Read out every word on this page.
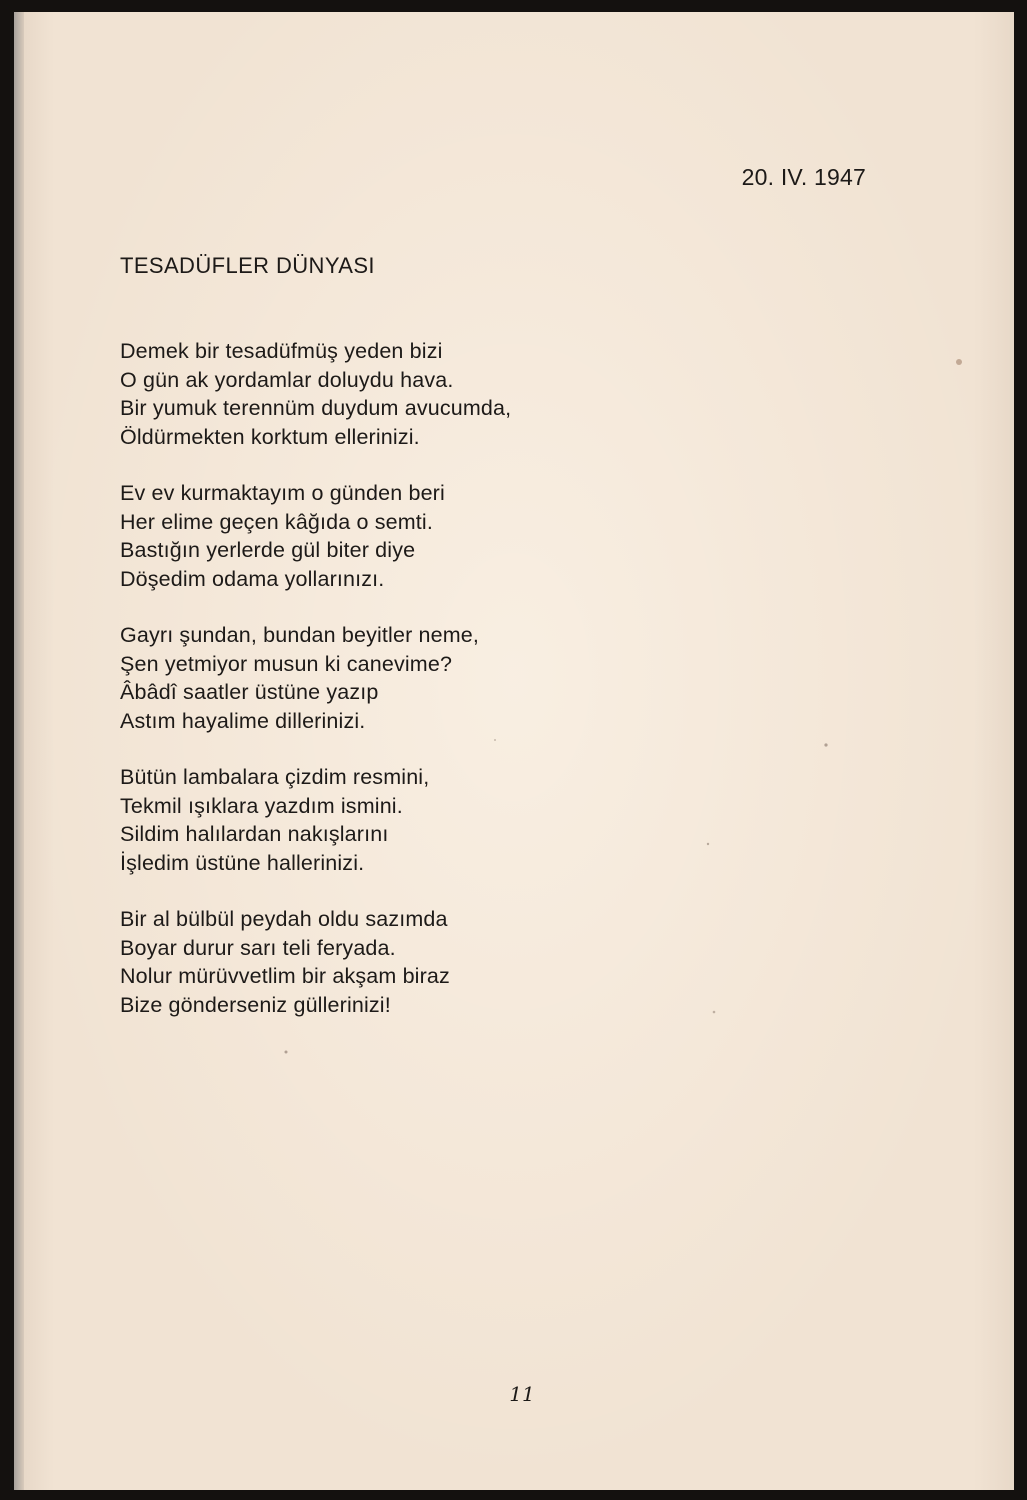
20. IV. 1947
TESADÜFLER DÜNYASI
Demek bir tesadüfmüş yeden bizi
O gün ak yordamlar doluydu hava.
Bir yumuk terennüm duydum avucumda,
Öldürmekten korktum ellerinizi.
Ev ev kurmaktayım o günden beri
Her elime geçen kâğıda o semti.
Bastığın yerlerde gül biter diye
Döşedim odama yollarınızı.
Gayrı şundan, bundan beyitler neme,
Şen yetmiyor musun ki canevime?
Âbâdî saatler üstüne yazıp
Astım hayalime dillerinizi.
Bütün lambalara çizdim resmini,
Tekmil ışıklara yazdım ismini.
Sildim halılardan nakışlarını
İşledim üstüne hallerinizi.
Bir al bülbül peydah oldu sazımda
Boyar durur sarı teli feryada.
Nolur mürüvvetlim bir akşam biraz
Bize gönderseniz güllerinizi!
11
